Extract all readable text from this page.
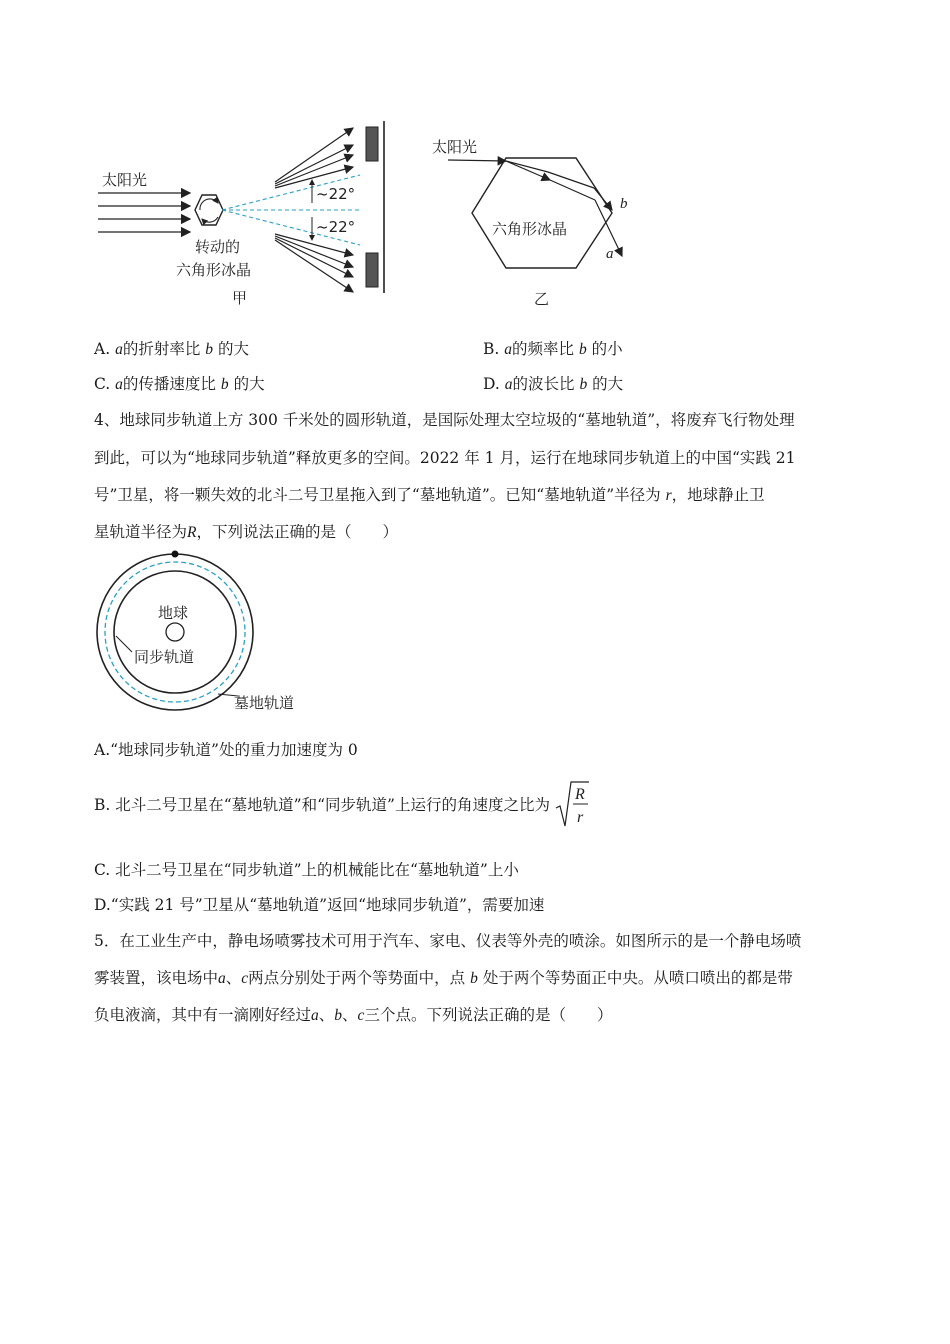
太阳光
~22°
~22°
转动的
六角形冰晶
甲
太阳光
六角形冰晶
b
a
乙
A. a的折射率比 b 的大	B. a的频率比 b 的小
C. a的传播速度比 b 的大	D. a的波长比 b 的大
4、地球同步轨道上方 300 千米处的圆形轨道，是国际处理太空垃圾的“墓地轨道”，将废弃飞行物处理
到此，可以为“地球同步轨道”释放更多的空间。2022 年 1 月，运行在地球同步轨道上的中国“实践 21
号”卫星，将一颗失效的北斗二号卫星拖入到了“墓地轨道”。已知“墓地轨道”半径为 r，地球静止卫
星轨道半径为R，下列说法正确的是（　　）
地球
同步轨道
墓地轨道
A.“地球同步轨道”处的重力加速度为 0
B. 北斗二号卫星在“墓地轨道”和“同步轨道”上运行的角速度之比为
R
r
C. 北斗二号卫星在“同步轨道”上的机械能比在“墓地轨道”上小
D.“实践 21 号”卫星从“墓地轨道”返回“地球同步轨道”，需要加速
5．在工业生产中，静电场喷雾技术可用于汽车、家电、仪表等外壳的喷涂。如图所示的是一个静电场喷
雾装置，该电场中a、c两点分别处于两个等势面中，点 b 处于两个等势面正中央。从喷口喷出的都是带
负电液滴，其中有一滴刚好经过a、b、c三个点。下列说法正确的是（　　）
